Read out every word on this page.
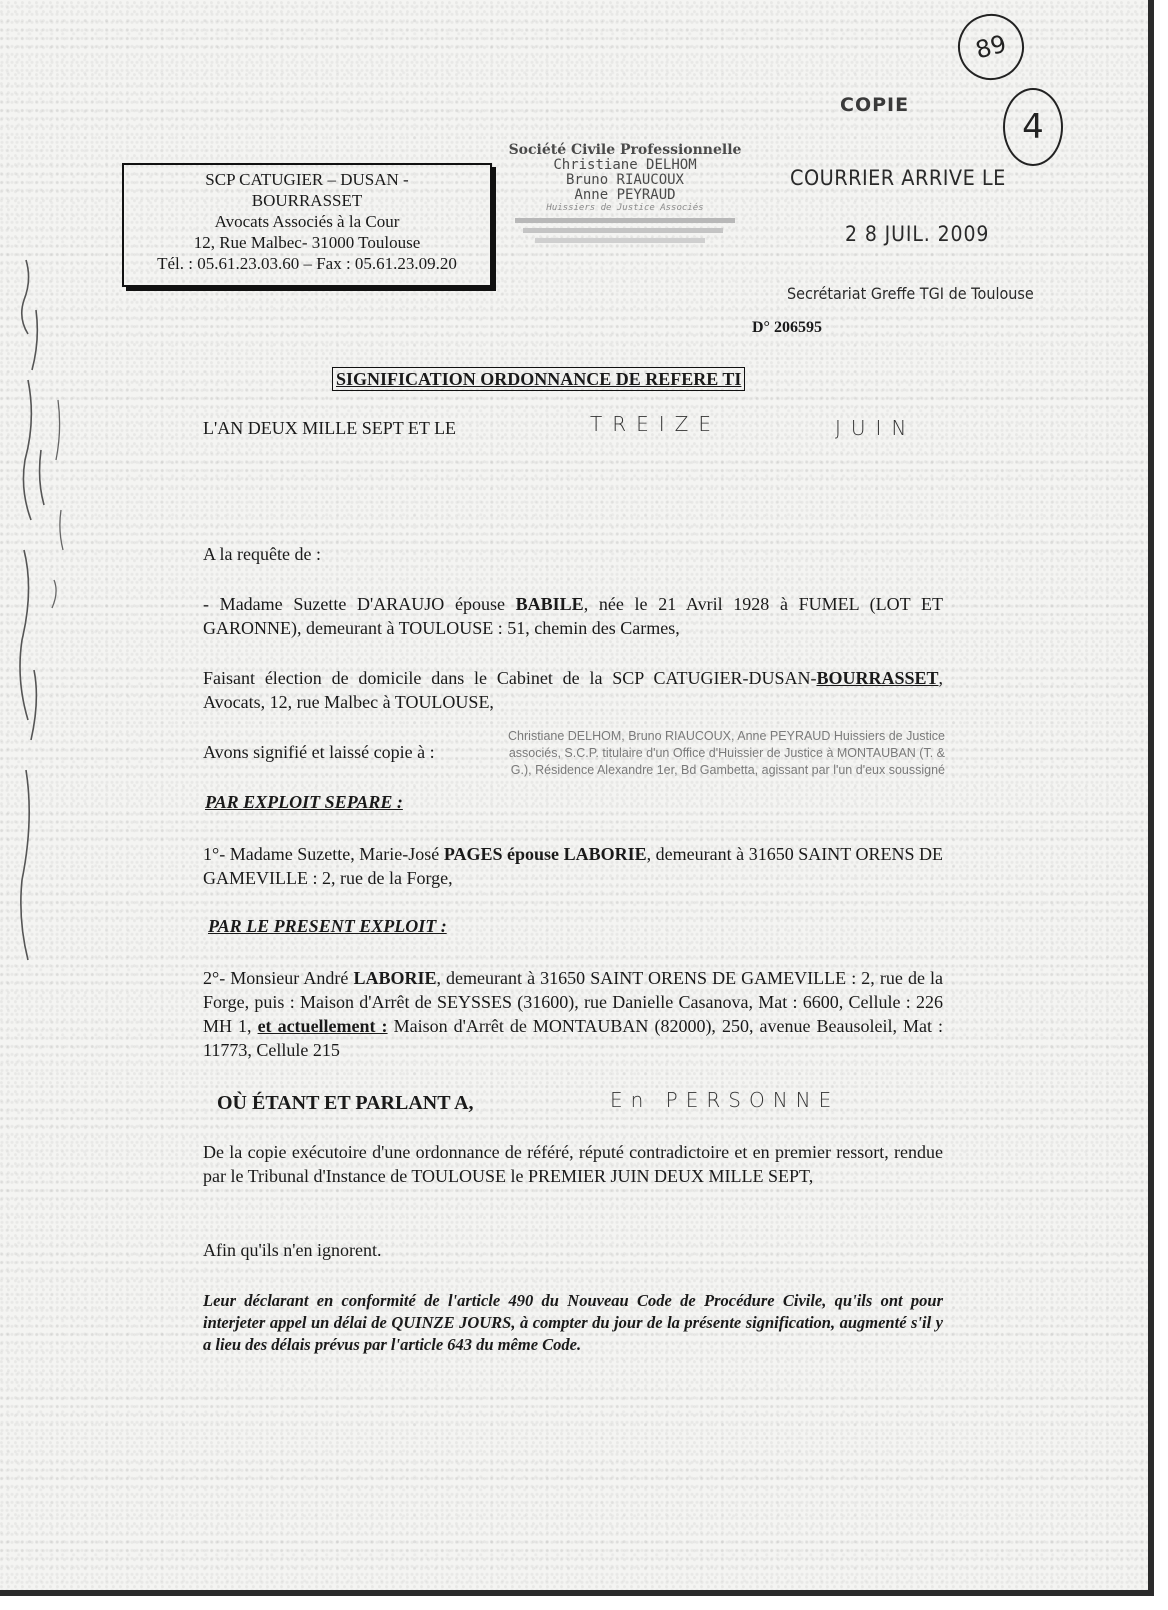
89
4
COPIE
SCP CATUGIER – DUSAN -
BOURRASSET
Avocats Associés à la Cour
12, Rue Malbec- 31000 Toulouse
Tél. : 05.61.23.03.60 – Fax : 05.61.23.09.20
Société Civile Professionnelle
Christiane DELHOM
Bruno RIAUCOUX
Anne PEYRAUD
Huissiers de Justice Associés
COURRIER ARRIVE LE
2 8 JUIL. 2009
Secrétariat Greffe TGI de Toulouse
D° 206595
SIGNIFICATION ORDONNANCE DE REFERE TI
L'AN DEUX MILLE SEPT ET LE	TREIZE	JUIN
A la requête de :
- Madame Suzette D'ARAUJO épouse BABILE, née le 21 Avril 1928 à FUMEL (LOT ET GARONNE), demeurant à TOULOUSE : 51, chemin des Carmes,
Faisant élection de domicile dans le Cabinet de la SCP CATUGIER-DUSAN-BOURRASSET, Avocats, 12, rue Malbec à TOULOUSE,
Avons signifié et laissé copie à :
Christiane DELHOM, Bruno RIAUCOUX, Anne PEYRAUD Huissiers de Justice associés, S.C.P. titulaire d'un Office d'Huissier de Justice à MONTAUBAN (T. & G.), Résidence Alexandre 1er, Bd Gambetta, agissant par l'un d'eux soussigné
PAR EXPLOIT SEPARE :
1°- Madame Suzette, Marie-José PAGES épouse LABORIE, demeurant à 31650 SAINT ORENS DE GAMEVILLE : 2, rue de la Forge,
PAR LE PRESENT EXPLOIT :
2°- Monsieur André LABORIE, demeurant à 31650 SAINT ORENS DE GAMEVILLE : 2, rue de la Forge, puis : Maison d'Arrêt de SEYSSES (31600), rue Danielle Casanova, Mat : 6600, Cellule : 226 MH 1, et actuellement : Maison d'Arrêt de MONTAUBAN (82000), 250, avenue Beausoleil, Mat : 11773, Cellule 215
OÙ ÉTANT ET PARLANT A,	En PERSONNE
De la copie exécutoire d'une ordonnance de référé, réputé contradictoire et en premier ressort, rendue par le Tribunal d'Instance de TOULOUSE le PREMIER JUIN DEUX MILLE SEPT,
Afin qu'ils n'en ignorent.
Leur déclarant en conformité de l'article 490 du Nouveau Code de Procédure Civile, qu'ils ont pour interjeter appel un délai de QUINZE JOURS, à compter du jour de la présente signification, augmenté s'il y a lieu des délais prévus par l'article 643 du même Code.
